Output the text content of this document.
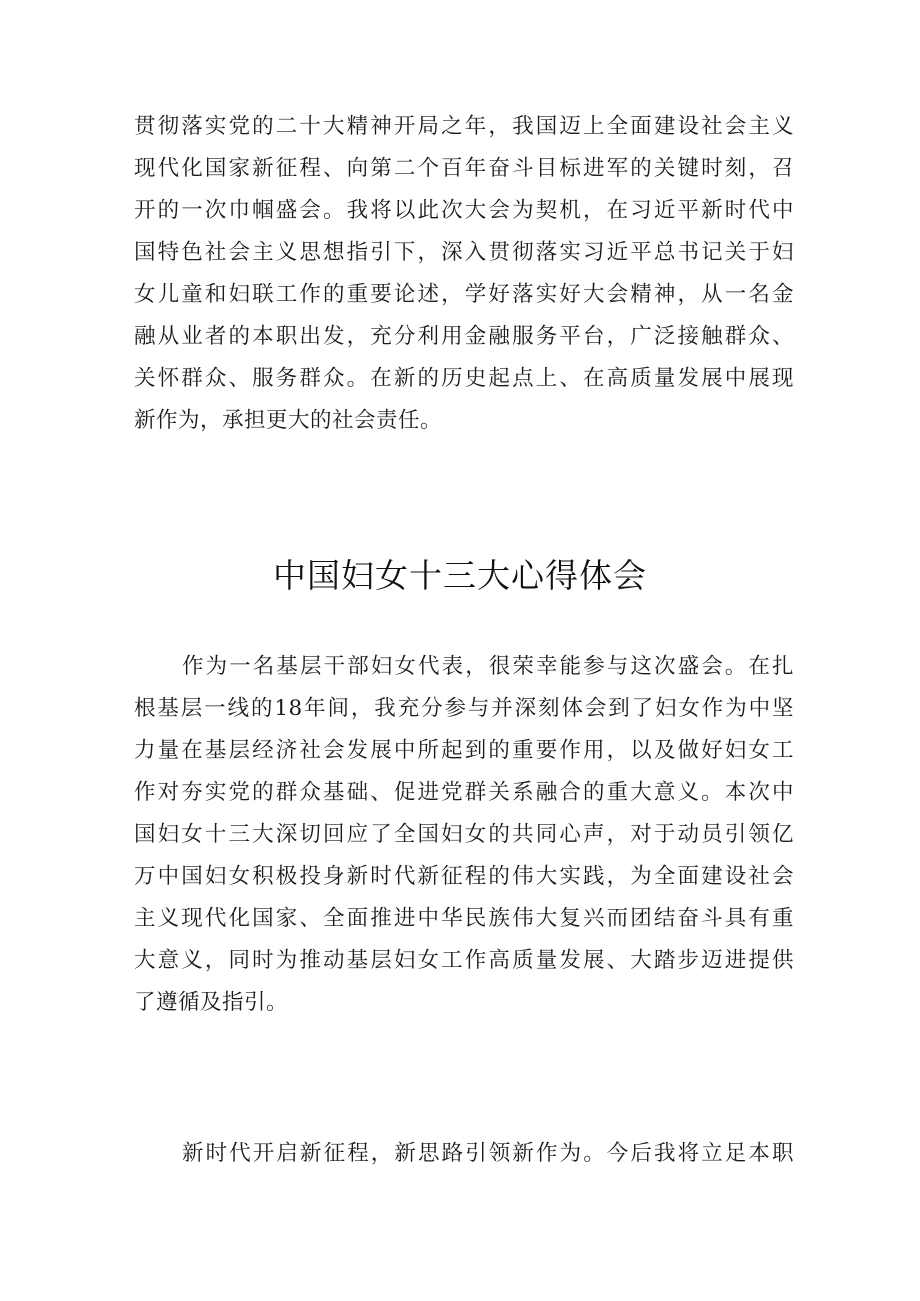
贯彻落实党的二十大精神开局之年，我国迈上全面建设社会主义
现代化国家新征程、向第二个百年奋斗目标进军的关键时刻，召
开的一次巾帼盛会。我将以此次大会为契机，在习近平新时代中
国特色社会主义思想指引下，深入贯彻落实习近平总书记关于妇
女儿童和妇联工作的重要论述，学好落实好大会精神，从一名金
融从业者的本职出发，充分利用金融服务平台，广泛接触群众、
关怀群众、服务群众。在新的历史起点上、在高质量发展中展现
新作为，承担更大的社会责任。
中国妇女十三大心得体会
作为一名基层干部妇女代表，很荣幸能参与这次盛会。在扎
根基层一线的18年间，我充分参与并深刻体会到了妇女作为中坚
力量在基层经济社会发展中所起到的重要作用，以及做好妇女工
作对夯实党的群众基础、促进党群关系融合的重大意义。本次中
国妇女十三大深切回应了全国妇女的共同心声，对于动员引领亿
万中国妇女积极投身新时代新征程的伟大实践，为全面建设社会
主义现代化国家、全面推进中华民族伟大复兴而团结奋斗具有重
大意义，同时为推动基层妇女工作高质量发展、大踏步迈进提供
了遵循及指引。
新时代开启新征程，新思路引领新作为。今后我将立足本职
